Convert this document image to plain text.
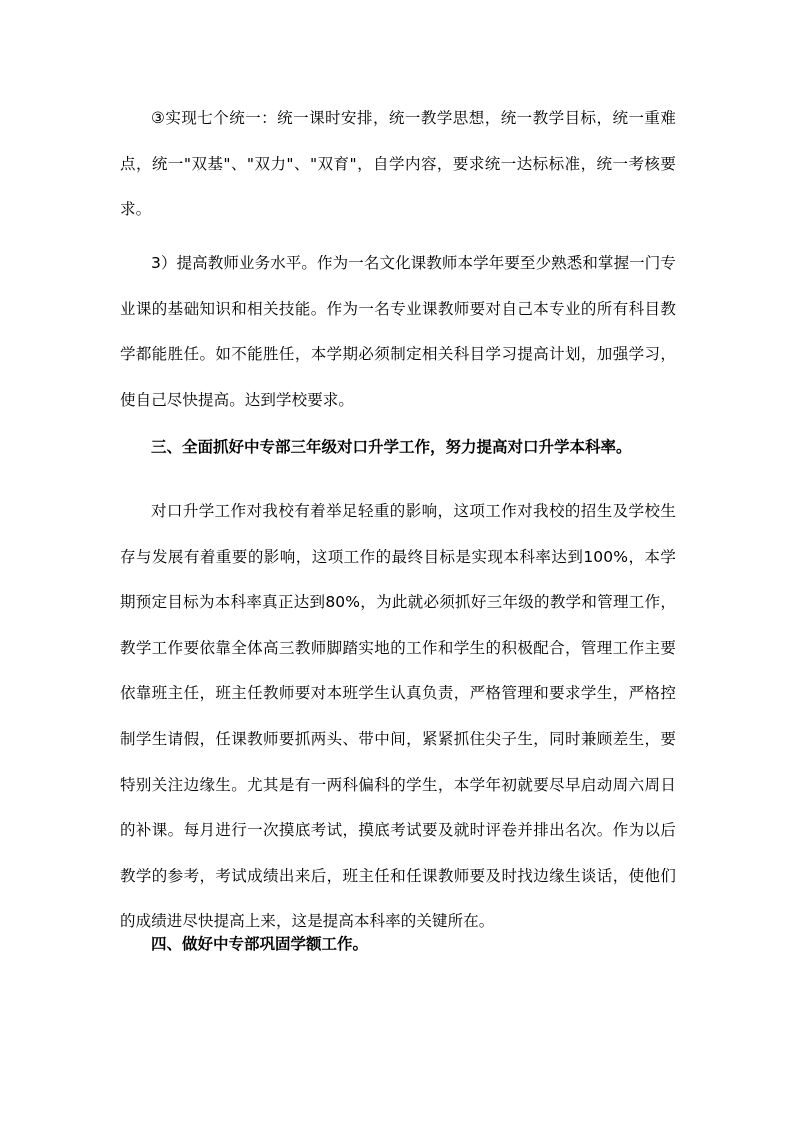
③实现七个统一：统一课时安排，统一教学思想，统一教学目标，统一重难点，统一"双基"、"双力"、"双育"，自学内容，要求统一达标标准，统一考核要求。

3）提高教师业务水平。作为一名文化课教师本学年要至少熟悉和掌握一门专业课的基础知识和相关技能。作为一名专业课教师要对自己本专业的所有科目教学都能胜任。如不能胜任，本学期必须制定相关科目学习提高计划，加强学习，使自己尽快提高。达到学校要求。

三、全面抓好中专部三年级对口升学工作，努力提高对口升学本科率。

对口升学工作对我校有着举足轻重的影响，这项工作对我校的招生及学校生存与发展有着重要的影响，这项工作的最终目标是实现本科率达到100%，本学期预定目标为本科率真正达到80%，为此就必须抓好三年级的教学和管理工作，教学工作要依靠全体高三教师脚踏实地的工作和学生的积极配合，管理工作主要依靠班主任，班主任教师要对本班学生认真负责，严格管理和要求学生，严格控制学生请假，任课教师要抓两头、带中间，紧紧抓住尖子生，同时兼顾差生，要特别关注边缘生。尤其是有一两科偏科的学生，本学年初就要尽早启动周六周日的补课。每月进行一次摸底考试，摸底考试要及就时评卷并排出名次。作为以后教学的参考，考试成绩出来后，班主任和任课教师要及时找边缘生谈话，使他们的成绩进尽快提高上来，这是提高本科率的关键所在。

四、做好中专部巩固学额工作。
